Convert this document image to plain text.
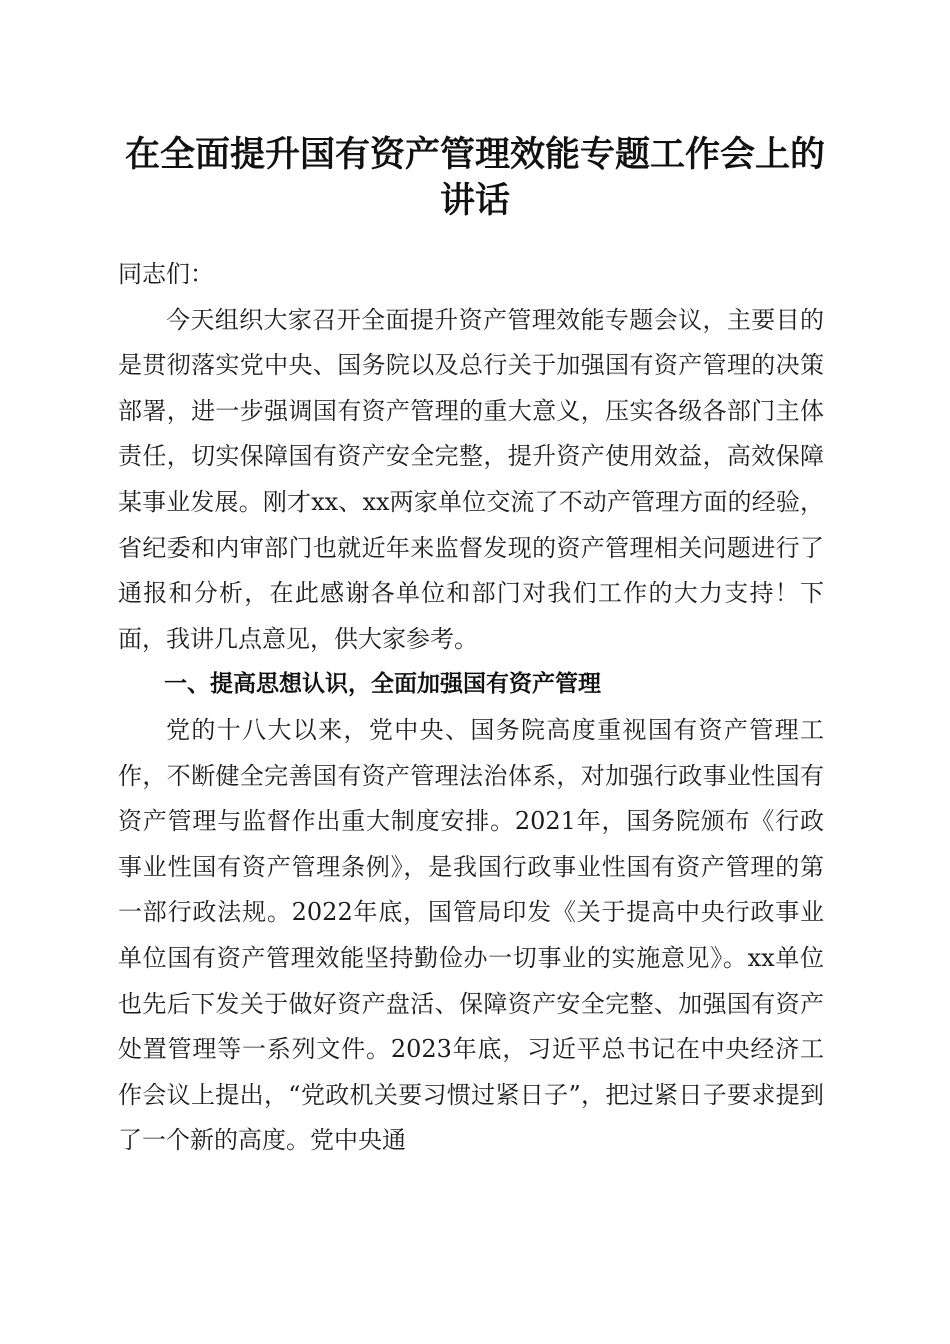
在全面提升国有资产管理效能专题工作会上的讲话

同志们：

今天组织大家召开全面提升资产管理效能专题会议，主要目的是贯彻落实党中央、国务院以及总行关于加强国有资产管理的决策部署，进一步强调国有资产管理的重大意义，压实各级各部门主体责任，切实保障国有资产安全完整，提升资产使用效益，高效保障某事业发展。刚才xx、xx两家单位交流了不动产管理方面的经验，省纪委和内审部门也就近年来监督发现的资产管理相关问题进行了通报和分析，在此感谢各单位和部门对我们工作的大力支持！下面，我讲几点意见，供大家参考。

一、提高思想认识，全面加强国有资产管理

党的十八大以来，党中央、国务院高度重视国有资产管理工作，不断健全完善国有资产管理法治体系，对加强行政事业性国有资产管理与监督作出重大制度安排。2021年，国务院颁布《行政事业性国有资产管理条例》，是我国行政事业性国有资产管理的第一部行政法规。2022年底，国管局印发《关于提高中央行政事业单位国有资产管理效能坚持勤俭办一切事业的实施意见》。xx单位也先后下发关于做好资产盘活、保障资产安全完整、加强国有资产处置管理等一系列文件。2023年底，习近平总书记在中央经济工作会议上提出，“党政机关要习惯过紧日子”，把过紧日子要求提到了一个新的高度。党中央通
